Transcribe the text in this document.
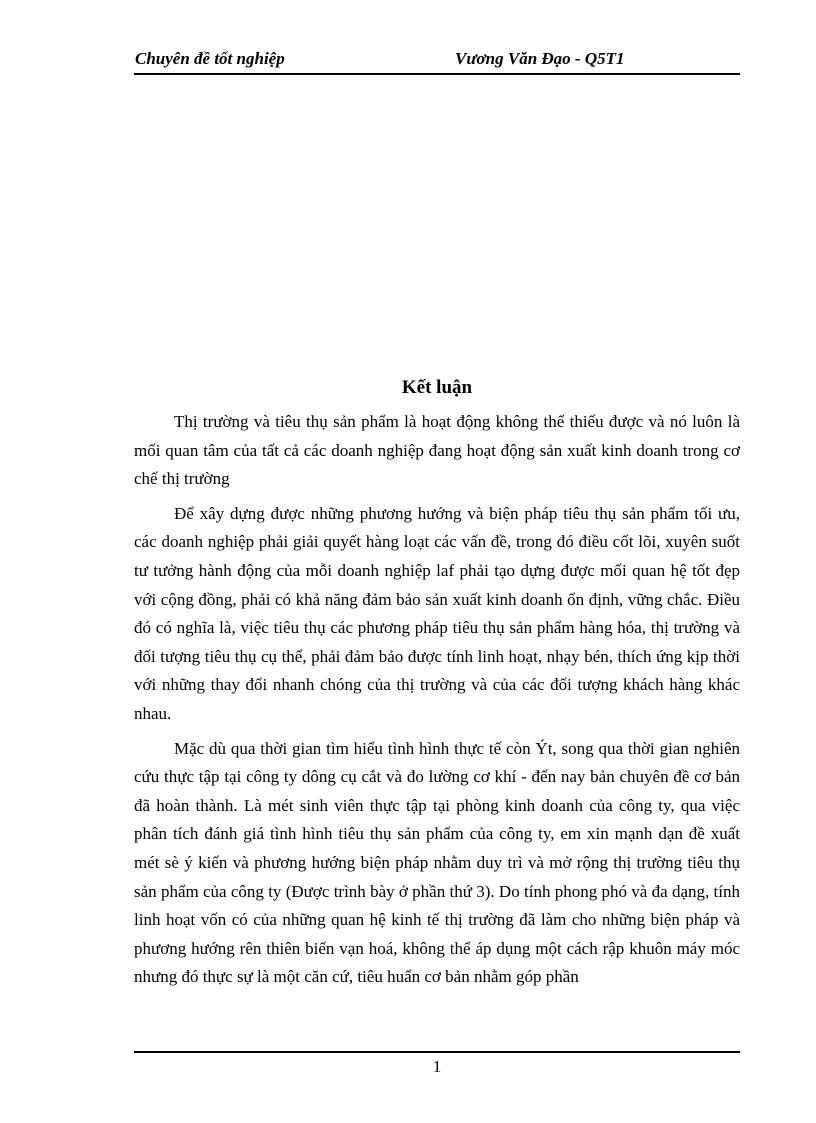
Chuyên đề tốt nghiệp	Vương Văn Đạo - Q5T1
Kết luận

Thị trường và tiêu thụ sản phẩm là hoạt động không thể thiếu được và nó luôn là mối quan tâm của tất cả các doanh nghiệp đang hoạt động sản xuất kinh doanh trong cơ chế thị trường

Để xây dựng được những phương hướng và biện pháp tiêu thụ sản phẩm tối ưu, các doanh nghiệp phải giải quyết hàng loạt các vấn đề, trong đó điều cốt lõi, xuyên suốt tư tưởng hành động của mỗi doanh nghiệp laf phải tạo dựng được mối quan hệ tốt đẹp với cộng đồng, phải có khả năng đảm bảo sản xuất kinh doanh ổn định, vững chắc. Điều đó có nghĩa là, việc tiêu thụ các phương pháp tiêu thụ sản phẩm hàng hóa, thị trường và đối tượng tiêu thụ cụ thể, phải đảm bảo được tính linh hoạt, nhạy bén, thích ứng kịp thời với những thay đổi nhanh chóng của thị trường và của các đối tượng khách hàng khác nhau.

Mặc dù qua thời gian tìm hiểu tình hình thực tế còn Ýt, song qua thời gian nghiên cứu thực tập tại công ty dông cụ cắt và đo lường cơ khí - đến nay bản chuyên đề cơ bản đã hoàn thành. Là mét sinh viên thực tập tại phòng kinh doanh của công ty, qua việc phân tích đánh giá tình hình tiêu thụ sản phẩm của công ty, em xin mạnh dạn đề xuất mét sè ý kiến và phương hướng biện pháp nhằm duy trì và mở rộng thị trường tiêu thụ sản phẩm của công ty (Được trình bày ở phần thứ 3). Do tính phong phó và đa dạng, tính linh hoạt vốn có của những quan hệ kinh tế thị trường đã làm cho những biện pháp và phương hướng rên thiên biến vạn hoá, không thể áp dụng một cách rập khuôn máy móc nhưng đó thực sự là một căn cứ, tiêu huẩn cơ bản nhằm góp phần

1
